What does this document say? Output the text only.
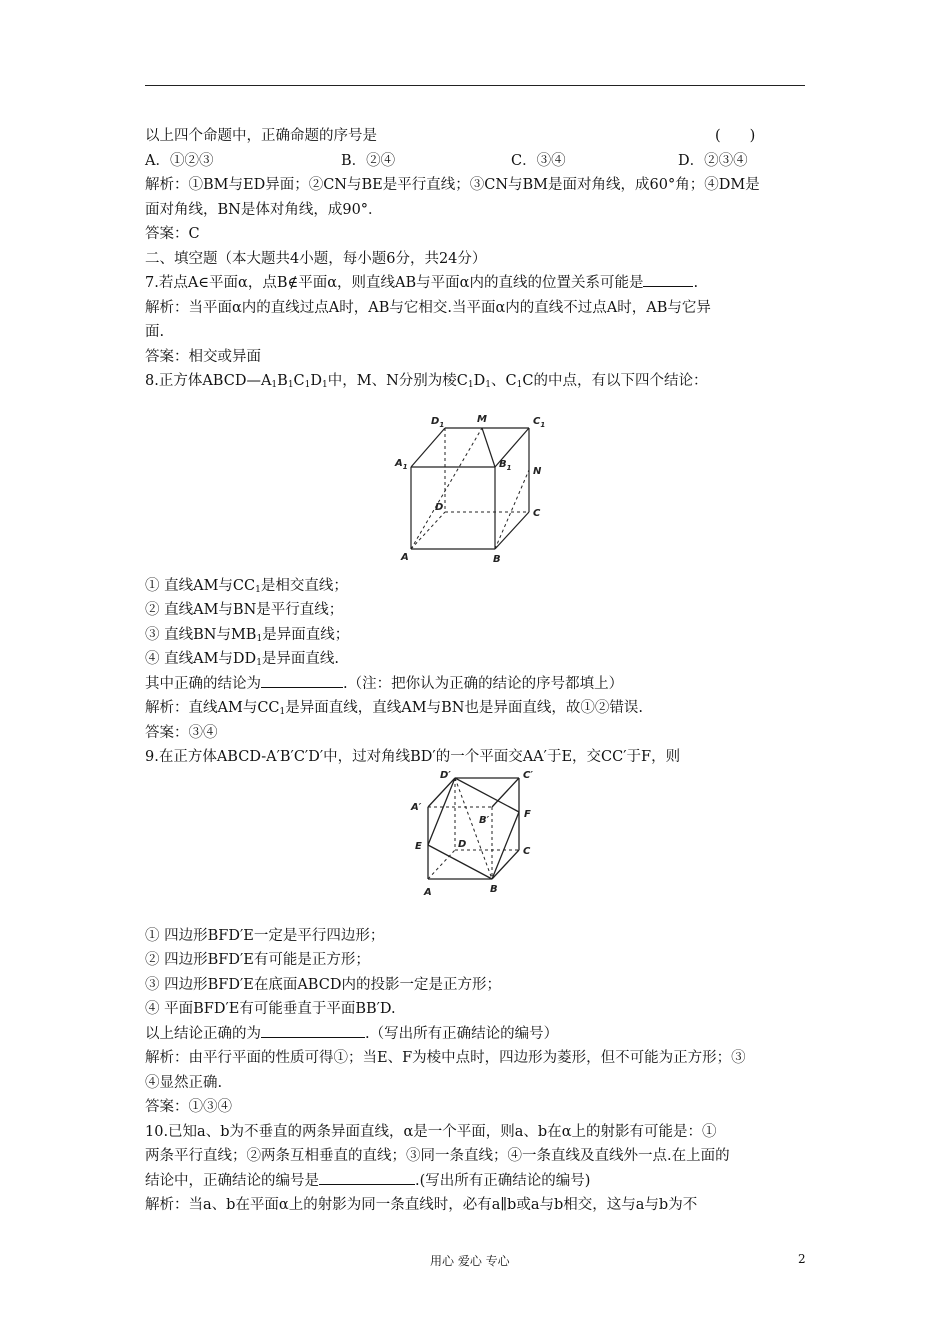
以上四个命题中，正确命题的序号是	(　　)
A．①②③	B．②④	C．③④	D．②③④
解析：①BM与ED异面；②CN与BE是平行直线；③CN与BM是面对角线，成60°角；④DM是
面对角线，BN是体对角线，成90°．
答案：C
二、填空题（本大题共4小题，每小题6分，共24分）
7.若点A∈平面α，点B∉平面α，则直线AB与平面α内的直线的位置关系可能是	.
解析：当平面α内的直线过点A时，AB与它相交.当平面α内的直线不过点A时，AB与它异
面.
答案：相交或异面
8.正方体$ABCD—A_1B_1C_1D_1$中，M、N分别为棱$C_1D_1$、$C_1C$的中点，有以下四个结论：
$D_1$	M	$C_1$
$A_1$	$B_1$ N
D
C
A	B
① 直线AM与$CC_1$是相交直线；
② 直线AM与BN是平行直线；
③ 直线BN与$MB_1$是异面直线；
④ 直线AM与$DD_1$是异面直线.
其中正确的结论为	.（注：把你认为正确的结论的序号都填上）
解析：直线AM与$CC_1$是异面直线，直线AM与BN也是异面直线，故①②错误.
答案：③④
9.在正方体ABCD-A′B′C′D′中，过对角线BD′的一个平面交AA′于E，交CC′于F，则
D′	C′
A′
B′
F
E	D
C
A	B
① 四边形BFD′E一定是平行四边形；
② 四边形BFD′E有可能是正方形；
③ 四边形BFD′E在底面ABCD内的投影一定是正方形；
④ 平面BFD′E有可能垂直于平面BB′D.
以上结论正确的为	.（写出所有正确结论的编号）
解析：由平行平面的性质可得①；当E、F为棱中点时，四边形为菱形，但不可能为正方形；③
④显然正确.
答案：①③④
10.已知a、b为不垂直的两条异面直线，α是一个平面，则a、b在α上的射影有可能是：①
两条平行直线；②两条互相垂直的直线；③同一条直线；④一条直线及直线外一点.在上面的
结论中，正确结论的编号是	.(写出所有正确结论的编号)
解析：当a、b在平面α上的射影为同一条直线时，必有a∥b或a与b相交，这与a与b为不
用心 爱心 专心	2
